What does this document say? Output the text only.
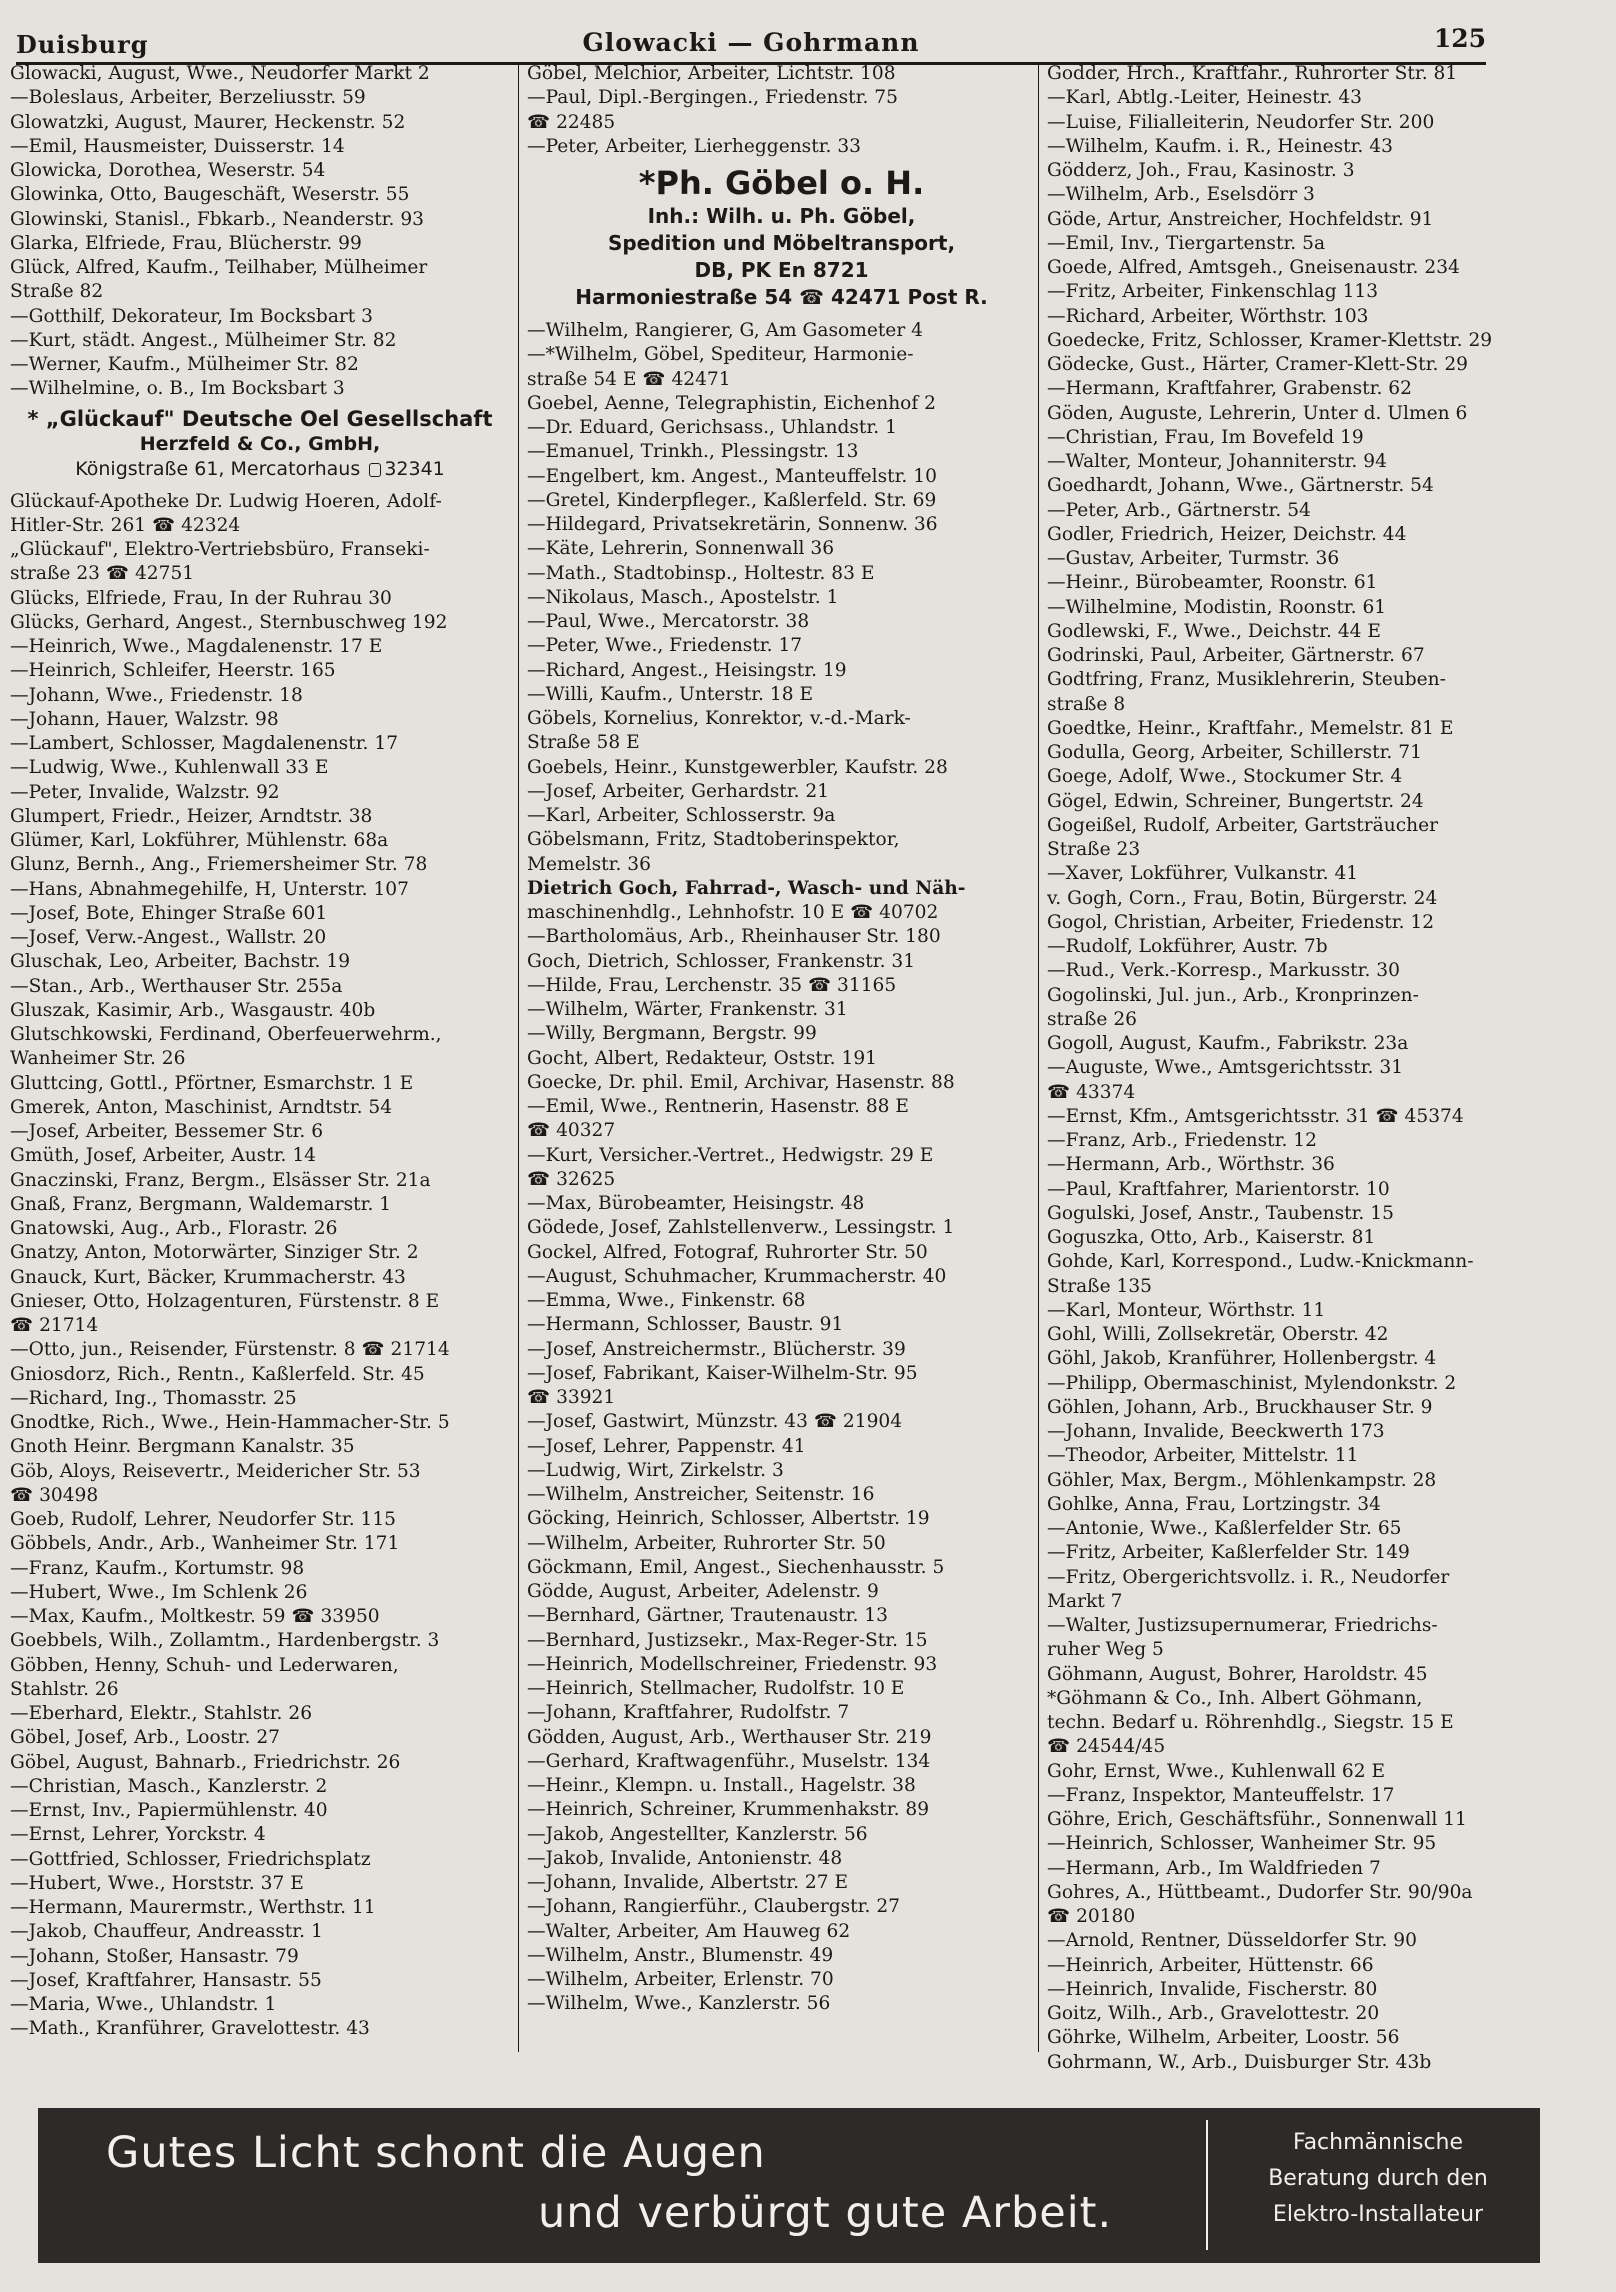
Duisburg	Glowacki — Gohrmann	125
Glowacki, August, Wwe., Neudorfer Markt 2
—Boleslaus, Arbeiter, Berzeliusstr. 59
Glowatzki, August, Maurer, Heckenstr. 52
—Emil, Hausmeister, Duisserstr. 14
Glowicka, Dorothea, Weserstr. 54
Glowinka, Otto, Baugeschäft, Weserstr. 55
Glowinski, Stanisl., Fbkarb., Neanderstr. 93
Glarka, Elfriede, Frau, Blücherstr. 99
Glück, Alfred, Kaufm., Teilhaber, Mülheimer
Straße 82
—Gotthilf, Dekorateur, Im Bocksbart 3
—Kurt, städt. Angest., Mülheimer Str. 82
—Werner, Kaufm., Mülheimer Str. 82
—Wilhelmine, o. B., Im Bocksbart 3
* „Glückauf" Deutsche Oel Gesellschaft
Herzfeld & Co., GmbH,
Königstraße 61, Mercatorhaus 32341
Glückauf-Apotheke Dr. Ludwig Hoeren, Adolf-
Hitler-Str. 261 ☎ 42324
„Glückauf", Elektro-Vertriebsbüro, Franseki-
straße 23 ☎ 42751
Glücks, Elfriede, Frau, In der Ruhrau 30
Glücks, Gerhard, Angest., Sternbuschweg 192
—Heinrich, Wwe., Magdalenenstr. 17 E
—Heinrich, Schleifer, Heerstr. 165
—Johann, Wwe., Friedenstr. 18
—Johann, Hauer, Walzstr. 98
—Lambert, Schlosser, Magdalenenstr. 17
—Ludwig, Wwe., Kuhlenwall 33 E
—Peter, Invalide, Walzstr. 92
Glumpert, Friedr., Heizer, Arndtstr. 38
Glümer, Karl, Lokführer, Mühlenstr. 68a
Glunz, Bernh., Ang., Friemersheimer Str. 78
—Hans, Abnahmegehilfe, H, Unterstr. 107
—Josef, Bote, Ehinger Straße 601
—Josef, Verw.-Angest., Wallstr. 20
Gluschak, Leo, Arbeiter, Bachstr. 19
—Stan., Arb., Werthauser Str. 255a
Gluszak, Kasimir, Arb., Wasgaustr. 40b
Glutschkowski, Ferdinand, Oberfeuerwehrm.,
Wanheimer Str. 26
Gluttcing, Gottl., Pförtner, Esmarchstr. 1 E
Gmerek, Anton, Maschinist, Arndtstr. 54
—Josef, Arbeiter, Bessemer Str. 6
Gmüth, Josef, Arbeiter, Austr. 14
Gnaczinski, Franz, Bergm., Elsässer Str. 21a
Gnaß, Franz, Bergmann, Waldemarstr. 1
Gnatowski, Aug., Arb., Florastr. 26
Gnatzy, Anton, Motorwärter, Sinziger Str. 2
Gnauck, Kurt, Bäcker, Krummacherstr. 43
Gnieser, Otto, Holzagenturen, Fürstenstr. 8 E
☎ 21714
—Otto, jun., Reisender, Fürstenstr. 8 ☎ 21714
Gniosdorz, Rich., Rentn., Kaßlerfeld. Str. 45
—Richard, Ing., Thomasstr. 25
Gnodtke, Rich., Wwe., Hein-Hammacher-Str. 5
Gnoth Heinr. Bergmann Kanalstr. 35
Göb, Aloys, Reisevertr., Meidericher Str. 53
☎ 30498
Goeb, Rudolf, Lehrer, Neudorfer Str. 115
Göbbels, Andr., Arb., Wanheimer Str. 171
—Franz, Kaufm., Kortumstr. 98
—Hubert, Wwe., Im Schlenk 26
—Max, Kaufm., Moltkestr. 59 ☎ 33950
Goebbels, Wilh., Zollamtm., Hardenbergstr. 3
Göbben, Henny, Schuh- und Lederwaren,
Stahlstr. 26
—Eberhard, Elektr., Stahlstr. 26
Göbel, Josef, Arb., Loostr. 27
Göbel, August, Bahnarb., Friedrichstr. 26
—Christian, Masch., Kanzlerstr. 2
—Ernst, Inv., Papiermühlenstr. 40
—Ernst, Lehrer, Yorckstr. 4
—Gottfried, Schlosser, Friedrichsplatz
—Hubert, Wwe., Horststr. 37 E
—Hermann, Maurermstr., Werthstr. 11
—Jakob, Chauffeur, Andreasstr. 1
—Johann, Stoßer, Hansastr. 79
—Josef, Kraftfahrer, Hansastr. 55
—Maria, Wwe., Uhlandstr. 1
—Math., Kranführer, Gravelottestr. 43
Göbel, Melchior, Arbeiter, Lichtstr. 108
—Paul, Dipl.-Bergingen., Friedenstr. 75
☎ 22485
—Peter, Arbeiter, Lierheggenstr. 33
*Ph. Göbel o. H.
Inh.: Wilh. u. Ph. Göbel,
Spedition und Möbeltransport,
DB, PK En 8721
Harmoniestraße 54 ☎ 42471 Post R.
—Wilhelm, Rangierer, G, Am Gasometer 4
—*Wilhelm, Göbel, Spediteur, Harmonie-
straße 54 E ☎ 42471
Goebel, Aenne, Telegraphistin, Eichenhof 2
—Dr. Eduard, Gerichsass., Uhlandstr. 1
—Emanuel, Trinkh., Plessingstr. 13
—Engelbert, km. Angest., Manteuffelstr. 10
—Gretel, Kinderpfleger., Kaßlerfeld. Str. 69
—Hildegard, Privatsekretärin, Sonnenw. 36
—Käte, Lehrerin, Sonnenwall 36
—Math., Stadtobinsp., Holtestr. 83 E
—Nikolaus, Masch., Apostelstr. 1
—Paul, Wwe., Mercatorstr. 38
—Peter, Wwe., Friedenstr. 17
—Richard, Angest., Heisingstr. 19
—Willi, Kaufm., Unterstr. 18 E
Göbels, Kornelius, Konrektor, v.-d.-Mark-
Straße 58 E
Goebels, Heinr., Kunstgewerbler, Kaufstr. 28
—Josef, Arbeiter, Gerhardstr. 21
—Karl, Arbeiter, Schlosserstr. 9a
Göbelsmann, Fritz, Stadtoberinspektor,
Memelstr. 36
Dietrich Goch, Fahrrad-, Wasch- und Näh-
maschinenhdlg., Lehnhofstr. 10 E ☎ 40702
—Bartholomäus, Arb., Rheinhauser Str. 180
Goch, Dietrich, Schlosser, Frankenstr. 31
—Hilde, Frau, Lerchenstr. 35 ☎ 31165
—Wilhelm, Wärter, Frankenstr. 31
—Willy, Bergmann, Bergstr. 99
Gocht, Albert, Redakteur, Oststr. 191
Goecke, Dr. phil. Emil, Archivar, Hasenstr. 88
—Emil, Wwe., Rentnerin, Hasenstr. 88 E
☎ 40327
—Kurt, Versicher.-Vertret., Hedwigstr. 29 E
☎ 32625
—Max, Bürobeamter, Heisingstr. 48
Gödede, Josef, Zahlstellenverw., Lessingstr. 1
Gockel, Alfred, Fotograf, Ruhrorter Str. 50
—August, Schuhmacher, Krummacherstr. 40
—Emma, Wwe., Finkenstr. 68
—Hermann, Schlosser, Baustr. 91
—Josef, Anstreichermstr., Blücherstr. 39
—Josef, Fabrikant, Kaiser-Wilhelm-Str. 95
☎ 33921
—Josef, Gastwirt, Münzstr. 43 ☎ 21904
—Josef, Lehrer, Pappenstr. 41
—Ludwig, Wirt, Zirkelstr. 3
—Wilhelm, Anstreicher, Seitenstr. 16
Göcking, Heinrich, Schlosser, Albertstr. 19
—Wilhelm, Arbeiter, Ruhrorter Str. 50
Göckmann, Emil, Angest., Siechenhausstr. 5
Gödde, August, Arbeiter, Adelenstr. 9
—Bernhard, Gärtner, Trautenaustr. 13
—Bernhard, Justizsekr., Max-Reger-Str. 15
—Heinrich, Modellschreiner, Friedenstr. 93
—Heinrich, Stellmacher, Rudolfstr. 10 E
—Johann, Kraftfahrer, Rudolfstr. 7
Gödden, August, Arb., Werthauser Str. 219
—Gerhard, Kraftwagenführ., Muselstr. 134
—Heinr., Klempn. u. Install., Hagelstr. 38
—Heinrich, Schreiner, Krummenhakstr. 89
—Jakob, Angestellter, Kanzlerstr. 56
—Jakob, Invalide, Antonienstr. 48
—Johann, Invalide, Albertstr. 27 E
—Johann, Rangierführ., Claubergstr. 27
—Walter, Arbeiter, Am Hauweg 62
—Wilhelm, Anstr., Blumenstr. 49
—Wilhelm, Arbeiter, Erlenstr. 70
—Wilhelm, Wwe., Kanzlerstr. 56
Godder, Hrch., Kraftfahr., Ruhrorter Str. 81
—Karl, Abtlg.-Leiter, Heinestr. 43
—Luise, Filialleiterin, Neudorfer Str. 200
—Wilhelm, Kaufm. i. R., Heinestr. 43
Gödderz, Joh., Frau, Kasinostr. 3
—Wilhelm, Arb., Eselsdörr 3
Göde, Artur, Anstreicher, Hochfeldstr. 91
—Emil, Inv., Tiergartenstr. 5a
Goede, Alfred, Amtsgeh., Gneisenaustr. 234
—Fritz, Arbeiter, Finkenschlag 113
—Richard, Arbeiter, Wörthstr. 103
Goedecke, Fritz, Schlosser, Kramer-Klettstr. 29
Gödecke, Gust., Härter, Cramer-Klett-Str. 29
—Hermann, Kraftfahrer, Grabenstr. 62
Göden, Auguste, Lehrerin, Unter d. Ulmen 6
—Christian, Frau, Im Bovefeld 19
—Walter, Monteur, Johanniterstr. 94
Goedhardt, Johann, Wwe., Gärtnerstr. 54
—Peter, Arb., Gärtnerstr. 54
Godler, Friedrich, Heizer, Deichstr. 44
—Gustav, Arbeiter, Turmstr. 36
—Heinr., Bürobeamter, Roonstr. 61
—Wilhelmine, Modistin, Roonstr. 61
Godlewski, F., Wwe., Deichstr. 44 E
Godrinski, Paul, Arbeiter, Gärtnerstr. 67
Godtfring, Franz, Musiklehrerin, Steuben-
straße 8
Goedtke, Heinr., Kraftfahr., Memelstr. 81 E
Godulla, Georg, Arbeiter, Schillerstr. 71
Goege, Adolf, Wwe., Stockumer Str. 4
Gögel, Edwin, Schreiner, Bungertstr. 24
Gogeißel, Rudolf, Arbeiter, Gartsträucher
Straße 23
—Xaver, Lokführer, Vulkanstr. 41
v. Gogh, Corn., Frau, Botin, Bürgerstr. 24
Gogol, Christian, Arbeiter, Friedenstr. 12
—Rudolf, Lokführer, Austr. 7b
—Rud., Verk.-Korresp., Markusstr. 30
Gogolinski, Jul. jun., Arb., Kronprinzen-
straße 26
Gogoll, August, Kaufm., Fabrikstr. 23a
—Auguste, Wwe., Amtsgerichtsstr. 31
☎ 43374
—Ernst, Kfm., Amtsgerichtsstr. 31 ☎ 45374
—Franz, Arb., Friedenstr. 12
—Hermann, Arb., Wörthstr. 36
—Paul, Kraftfahrer, Marientorstr. 10
Gogulski, Josef, Anstr., Taubenstr. 15
Goguszka, Otto, Arb., Kaiserstr. 81
Gohde, Karl, Korrespond., Ludw.-Knickmann-
Straße 135
—Karl, Monteur, Wörthstr. 11
Gohl, Willi, Zollsekretär, Oberstr. 42
Göhl, Jakob, Kranführer, Hollenbergstr. 4
—Philipp, Obermaschinist, Mylendonkstr. 2
Göhlen, Johann, Arb., Bruckhauser Str. 9
—Johann, Invalide, Beeckwerth 173
—Theodor, Arbeiter, Mittelstr. 11
Göhler, Max, Bergm., Möhlenkampstr. 28
Gohlke, Anna, Frau, Lortzingstr. 34
—Antonie, Wwe., Kaßlerfelder Str. 65
—Fritz, Arbeiter, Kaßlerfelder Str. 149
—Fritz, Obergerichtsvollz. i. R., Neudorfer
Markt 7
—Walter, Justizsupernumerar, Friedrichs-
ruher Weg 5
Göhmann, August, Bohrer, Haroldstr. 45
*Göhmann & Co., Inh. Albert Göhmann,
techn. Bedarf u. Röhrenhdlg., Siegstr. 15 E
☎ 24544/45
Gohr, Ernst, Wwe., Kuhlenwall 62 E
—Franz, Inspektor, Manteuffelstr. 17
Göhre, Erich, Geschäftsführ., Sonnenwall 11
—Heinrich, Schlosser, Wanheimer Str. 95
—Hermann, Arb., Im Waldfrieden 7
Gohres, A., Hüttbeamt., Dudorfer Str. 90/90a
☎ 20180
—Arnold, Rentner, Düsseldorfer Str. 90
—Heinrich, Arbeiter, Hüttenstr. 66
—Heinrich, Invalide, Fischerstr. 80
Goitz, Wilh., Arb., Gravelottestr. 20
Göhrke, Wilhelm, Arbeiter, Loostr. 56
Gohrmann, W., Arb., Duisburger Str. 43b
Gutes Licht schont die Augen
und verbürgt gute Arbeit.
Fachmännische
Beratung durch den
Elektro-Installateur
